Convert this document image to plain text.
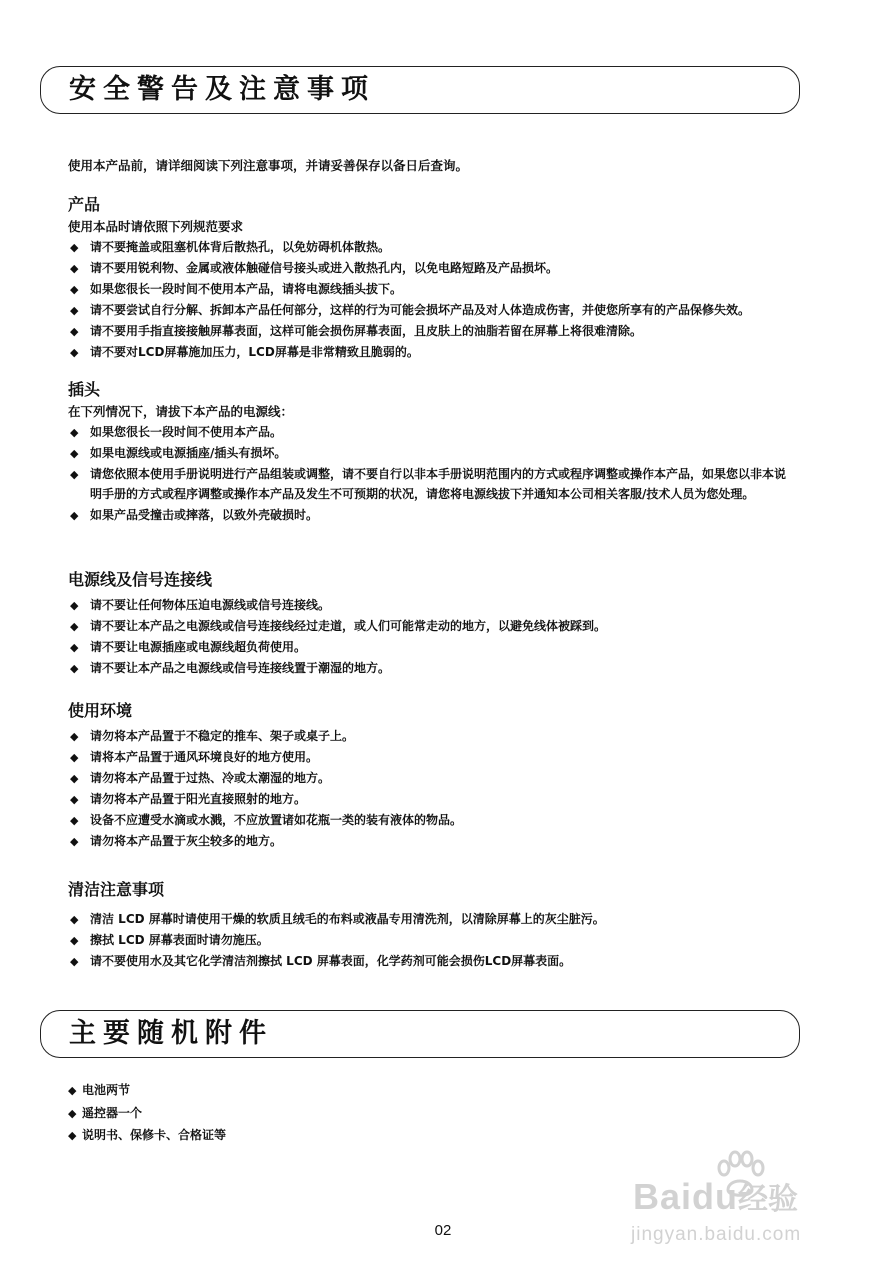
安全警告及注意事项
使用本产品前，请详细阅读下列注意事项，并请妥善保存以备日后查询。
产品
使用本品时请依照下列规范要求
◆ 请不要掩盖或阻塞机体背后散热孔，以免妨碍机体散热。
◆ 请不要用锐利物、金属或液体触碰信号接头或进入散热孔内，以免电路短路及产品损坏。
◆ 如果您很长一段时间不使用本产品，请将电源线插头拔下。
◆ 请不要尝试自行分解、拆卸本产品任何部分，这样的行为可能会损坏产品及对人体造成伤害，并使您所享有的产品保修失效。
◆ 请不要用手指直接接触屏幕表面，这样可能会损伤屏幕表面，且皮肤上的油脂若留在屏幕上将很难清除。
◆ 请不要对LCD屏幕施加压力，LCD屏幕是非常精致且脆弱的。
插头
在下列情况下，请拔下本产品的电源线：
◆ 如果您很长一段时间不使用本产品。
◆ 如果电源线或电源插座/插头有损坏。
◆ 请您依照本使用手册说明进行产品组装或调整，请不要自行以非本手册说明范围内的方式或程序调整或操作本产品，如果您以非本说明手册的方式或程序调整或操作本产品及发生不可预期的状况，请您将电源线拔下并通知本公司相关客服/技术人员为您处理。
◆ 如果产品受撞击或摔落，以致外壳破损时。
电源线及信号连接线
◆ 请不要让任何物体压迫电源线或信号连接线。
◆ 请不要让本产品之电源线或信号连接线经过走道，或人们可能常走动的地方，以避免线体被踩到。
◆ 请不要让电源插座或电源线超负荷使用。
◆ 请不要让本产品之电源线或信号连接线置于潮湿的地方。
使用环境
◆ 请勿将本产品置于不稳定的推车、架子或桌子上。
◆ 请将本产品置于通风环境良好的地方使用。
◆ 请勿将本产品置于过热、冷或太潮湿的地方。
◆ 请勿将本产品置于阳光直接照射的地方。
◆ 设备不应遭受水滴或水溅，不应放置诸如花瓶一类的装有液体的物品。
◆ 请勿将本产品置于灰尘较多的地方。
清洁注意事项
◆ 清洁 LCD 屏幕时请使用干燥的软质且绒毛的布料或液晶专用清洗剂，以清除屏幕上的灰尘脏污。
◆ 擦拭 LCD 屏幕表面时请勿施压。
◆ 请不要使用水及其它化学清洁剂擦拭 LCD 屏幕表面，化学药剂可能会损伤LCD屏幕表面。
主要随机附件
◆ 电池两节
◆ 遥控器一个
◆ 说明书、保修卡、合格证等
Baidu经验
jingyan.baidu.com
02
